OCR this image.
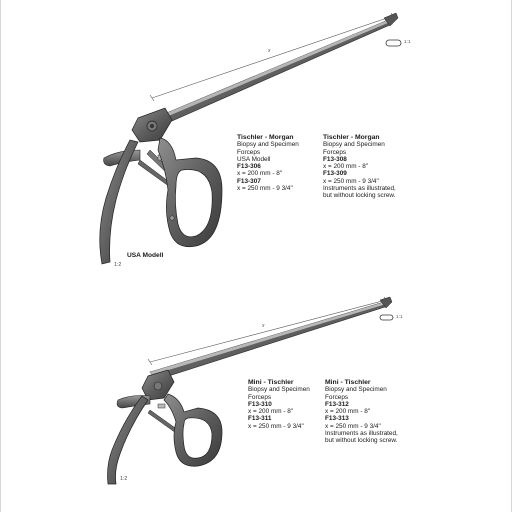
x
1:1
1:2
USA Modell
Tischler - Morgan
Biopsy and Specimen
Forceps
USA Modell
F13-306
x = 200 mm - 8"
F13-307
x = 250 mm - 9 3/4"
Tischler - Morgan
Biopsy and Specimen
Forceps
F13-308
x = 200 mm - 8"
F13-309
x = 250 mm - 9 3/4"
Instruments as illustrated,
but without locking screw.
x
1:1
1:2
Mini - Tischler
Biopsy and Specimen
Forceps
F13-310
x = 200 mm - 8"
F13-311
x = 250 mm - 9 3/4"
Mini - Tischler
Biopsy and Specimen
Forceps
F13-312
x = 200 mm - 8"
F13-313
x = 250 mm - 9 3/4"
Instruments as illustrated,
but without locking screw.
